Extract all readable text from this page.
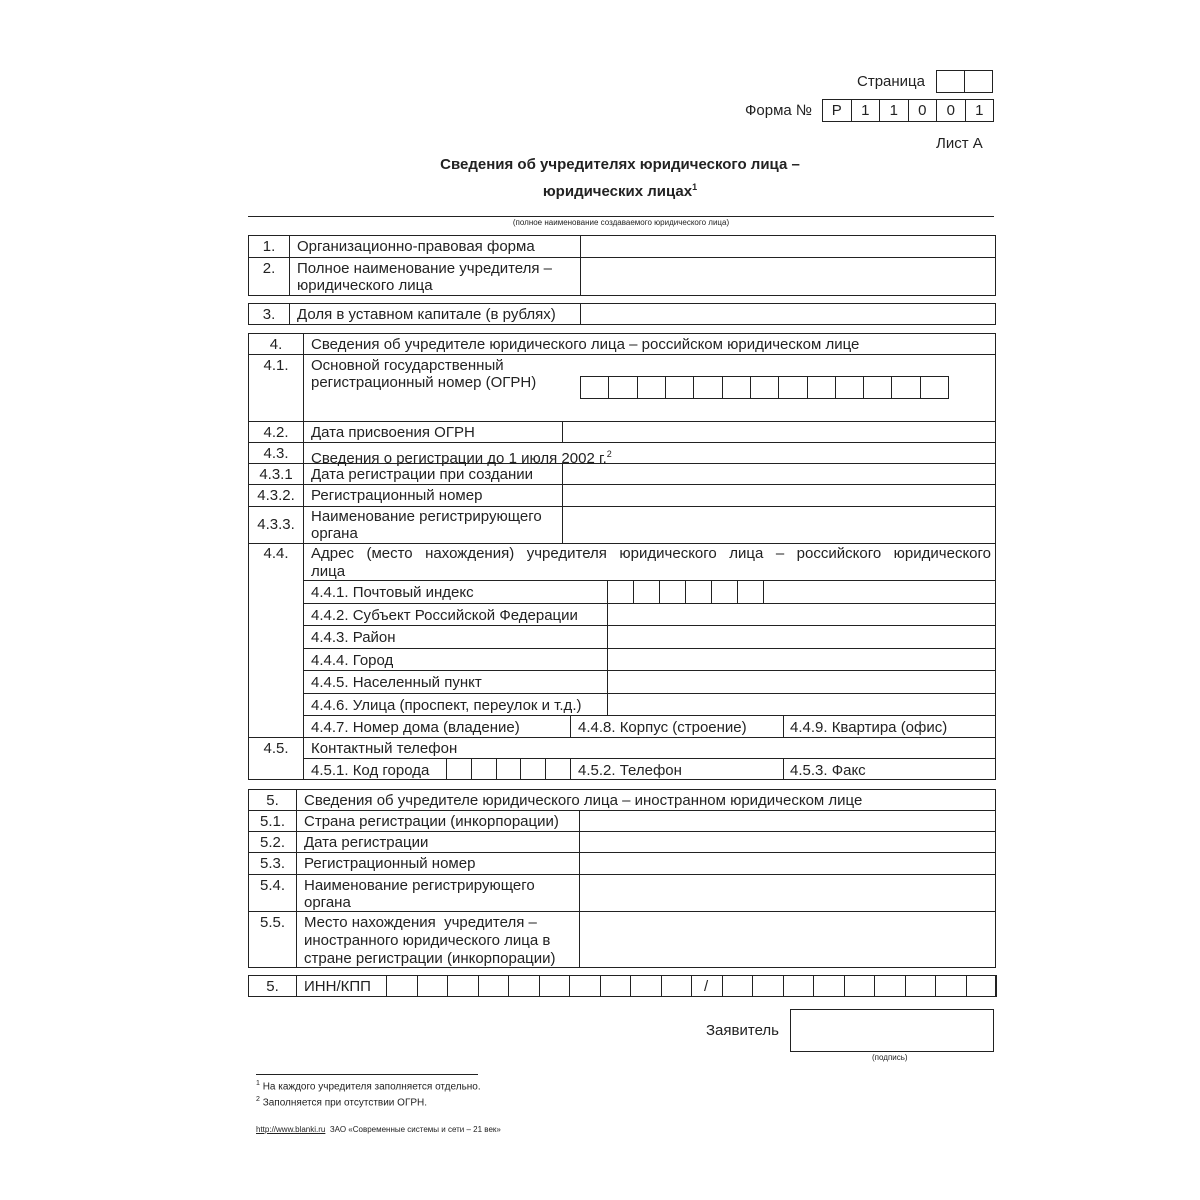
Страница
Форма №	Р	1	1	0	0	1
Лист А
Сведения об учредителях юридического лица –
юридических лицах$^1$
(полное наименование создаваемого юридического лица)
1.	Организационно-правовая форма
2.	Полное наименование учредителя –
юридического лица
3.	Доля в уставном капитале (в рублях)
4.	Сведения об учредителе юридического лица – российском юридическом лице
4.1.	Основной государственный
регистрационный номер (ОГРН)
4.2.	Дата присвоения ОГРН
4.3.	Сведения о регистрации до 1 июля 2002 г.$^2$
4.3.1	Дата регистрации при создании
4.3.2.	Регистрационный номер
4.3.3.	Наименование регистрирующего
органа
4.4.	Адрес (место нахождения) учредителя юридического лица – российского юридического
лица
4.4.1. Почтовый индекс
4.4.2. Субъект Российской Федерации
4.4.3. Район
4.4.4. Город
4.4.5. Населенный пункт
4.4.6. Улица (проспект, переулок и т.д.)
4.4.7. Номер дома (владение)	4.4.8. Корпус (строение)	4.4.9. Квартира (офис)
4.5.	Контактный телефон
4.5.1. Код города	4.5.2. Телефон	4.5.3. Факс
5.	Сведения об учредителе юридического лица – иностранном юридическом лице
5.1.	Страна регистрации (инкорпорации)
5.2.	Дата регистрации
5.3.	Регистрационный номер
5.4.	Наименование регистрирующего
органа
5.5.	Место нахождения  учредителя –
иностранного юридического лица в
стране регистрации (инкорпорации)
5.	ИНН/КПП	/
Заявитель
(подпись)
$^1$ На каждого учредителя заполняется отдельно.
$^2$ Заполняется при отсутствии ОГРН.
http://www.blanki.ru ЗАО «Современные системы и сети – 21 век»
